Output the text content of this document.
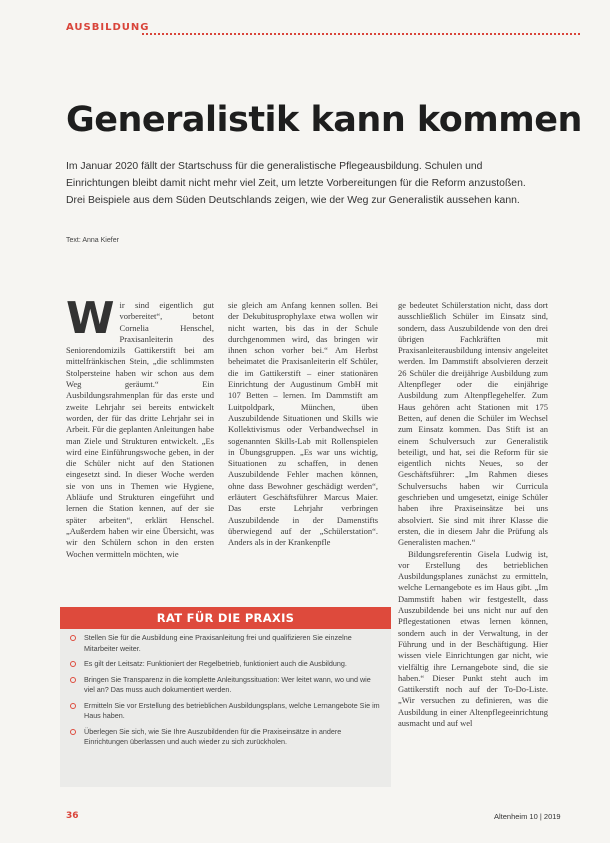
AUSBILDUNG
Generalistik kann kommen
Im Januar 2020 fällt der Startschuss für die generalistische Pflegeausbildung. Schulen und Einrichtungen bleibt damit nicht mehr viel Zeit, um letzte Vorbereitungen für die Reform anzustoßen. Drei Beispiele aus dem Süden Deutschlands zeigen, wie der Weg zur Generalistik aussehen kann.
Text: Anna Kiefer
W ir sind eigentlich gut vorbereitet“, betont Cornelia Henschel, Praxisanleiterin des Seniorendomizils Gattikerstift bei am mittelfränkischen Stein, „die schlimmsten Stolpersteine haben wir schon aus dem Weg geräumt.“ Ein Ausbildungsrahmenplan für das erste und zweite Lehrjahr sei bereits entwickelt worden, der für das dritte Lehrjahr sei in Arbeit. Für die geplanten Anleitungen habe man Ziele und Strukturen entwickelt. „Es wird eine Einführungswoche geben, in der die Schüler nicht auf den Stationen eingesetzt sind. In dieser Woche werden sie von uns in Themen wie Hygiene, Abläufe und Strukturen eingeführt und lernen die Station kennen, auf der sie später arbeiten“, erklärt Henschel. „Außerdem haben wir eine Übersicht, was wir den Schülern schon in den ersten Wochen vermitteln möchten, wie
sie gleich am Anfang kennen sollen. Bei der Dekubitusprophylaxe etwa wollen wir nicht warten, bis das in der Schule durchgenommen wird, das bringen wir ihnen schon vorher bei.“ Am Herbst beheimatet die Praxisanleiterin elf Schüler, die im Gattikerstift – einer stationären Einrichtung der Augustinum GmbH mit 107 Betten – lernen. Im Dammstift am Luitpoldpark, München, üben Auszubildende Situationen und Skills wie Kollektivismus oder Verbandwechsel in sogenannten Skills-Lab mit Rollenspielen in Übungsgruppen. „Es war uns wichtig, Situationen zu schaffen, in denen Auszubildende Fehler machen können, ohne dass Bewohner geschädigt werden“, erläutert Geschäftsführer Marcus Maier. Das erste Lehrjahr verbringen Auszubildende in der Damenstifts überwiegend auf der „Schülerstation“. Anders als in der Krankenpfle

ge bedeutet Schülerstation nicht, dass dort ausschließlich Schüler im Einsatz sind, sondern, dass Auszubildende von den drei übrigen Fachkräften mit Praxisanleiterausbildung intensiv angeleitet werden. Im Dammstift absolvieren derzeit 26 Schüler die dreijährige Ausbildung zum Altenpfleger oder die einjährige Ausbildung zum Altenpflegehelfer. Zum Haus gehören acht Stationen mit 175 Betten, auf denen die Schüler im Wechsel zum Einsatz kommen. Das Stift ist an einem Schulversuch zur Generalistik beteiligt, und hat, sei die Reform für sie eigentlich nichts Neues, so der Geschäftsführer: „Im Rahmen dieses Schulversuchs haben wir Curricula geschrieben und umgesetzt, einige Schüler haben ihre Praxiseinsätze bei uns absolviert. Sie sind mit ihrer Klasse die ersten, die in diesem Jahr die Prüfung als Generalisten machen.“

Bildungsreferentin Gisela Ludwig ist, vor Erstellung des betrieblichen Ausbildungsplanes zunächst zu ermitteln, welche Lernangebote es im Haus gibt. „Im Dammstift haben wir festgestellt, dass Auszubildende bei uns nicht nur auf den Pflegestationen etwas lernen können, sondern auch in der Verwaltung, in der Führung und in der Beschäftigung. Hier wissen viele Einrichtungen gar nicht, wie vielfältig ihre Lernangebote sind, die sie haben.“ Dieser Punkt steht auch im Gattikerstift noch auf der To-Do-Liste. „Wir versuchen zu definieren, was die Ausbildung in einer Altenpflegeeinrichtung ausmacht und auf wel

RAT FÜR DIE PRAXIS
Stellen Sie für die Ausbildung eine Praxisanleitung frei und qualifizieren Sie einzelne Mitarbeiter weiter.
Es gilt der Leitsatz: Funktioniert der Regelbetrieb, funktioniert auch die Ausbildung.
Bringen Sie Transparenz in die komplette Anleitungssituation: Wer leitet wann, wo und wie viel an? Das muss auch dokumentiert werden.
Ermitteln Sie vor Erstellung des betrieblichen Ausbildungsplans, welche Lernangebote Sie im Haus haben.
Überlegen Sie sich, wie Sie Ihre Auszubildenden für die Praxiseinsätze in andere Einrichtungen überlassen und auch wieder zu sich zurückholen.
36	Altenheim 10 | 2019
